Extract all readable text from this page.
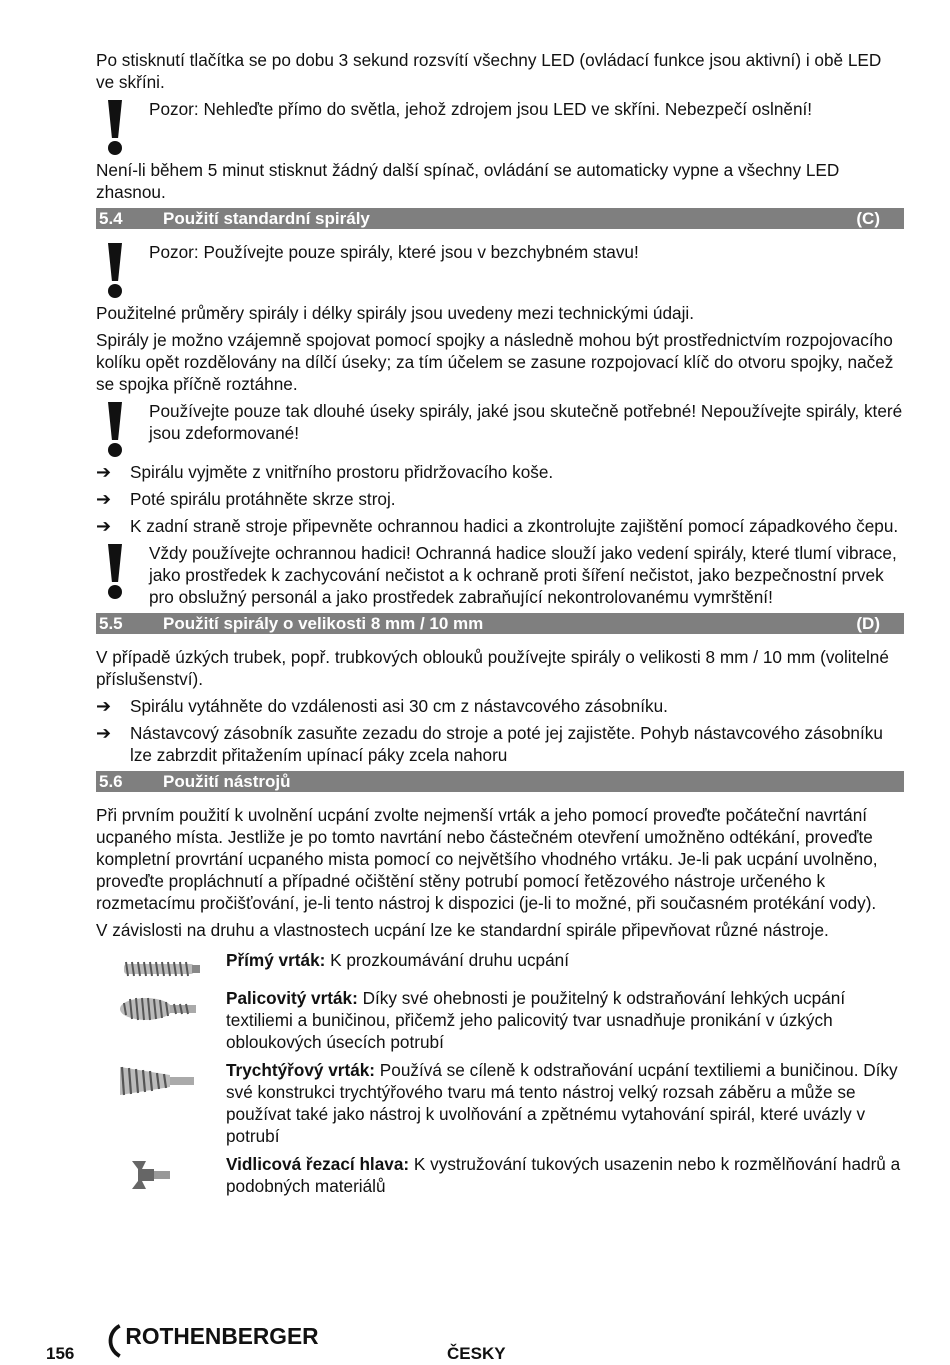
Po stisknutí tlačítka se po dobu 3 sekund rozsvítí všechny LED (ovládací funkce jsou aktivní) i obě LED ve skříni.

Pozor: Nehleďte přímo do světla, jehož zdrojem jsou LED ve skříni. Nebezpečí oslnění!

Není-li během 5 minut stisknut žádný další spínač, ovládání se automaticky vypne a všechny LED zhasnou.

5.4 Použití standardní spirály	(C)

Pozor: Používejte pouze spirály, které jsou v bezchybném stavu!

Použitelné průměry spirály i délky spirály jsou uvedeny mezi technickými údaji.

Spirály je možno vzájemně spojovat pomocí spojky a následně mohou být prostřednictvím rozpojovacího kolíku opět rozdělovány na dílčí úseky; za tím účelem se zasune rozpojovací klíč do otvoru spojky, načež se spojka příčně roztáhne.

Používejte pouze tak dlouhé úseky spirály, jaké jsou skutečně potřebné! Nepoužívejte spirály, které jsou zdeformované!

➔ Spirálu vyjměte z vnitřního prostoru přidržovacího koše.

➔ Poté spirálu protáhněte skrze stroj.

➔ K zadní straně stroje připevněte ochrannou hadici a zkontrolujte zajištění pomocí západkového čepu.

Vždy používejte ochrannou hadici! Ochranná hadice slouží jako vedení spirály, které tlumí vibrace, jako prostředek k zachycování nečistot a k ochraně proti šíření nečistot, jako bezpečnostní prvek pro obslužný personál a jako prostředek zabraňující nekontrolovanému vymrštění!

5.5 Použití spirály o velikosti 8 mm / 10 mm	(D)

V případě úzkých trubek, popř. trubkových oblouků používejte spirály o velikosti 8 mm / 10 mm (volitelné příslušenství).

➔ Spirálu vytáhněte do vzdálenosti asi 30 cm z nástavcového zásobníku.

➔ Nástavcový zásobník zasuňte zezadu do stroje a poté jej zajistěte. Pohyb nástavcového zásobníku lze zabrzdit přitažením upínací páky zcela nahoru

5.6 Použití nástrojů

Při prvním použití k uvolnění ucpání zvolte nejmenší vrták a jeho pomocí proveďte počáteční navrtání ucpaného místa. Jestliže je po tomto navrtání nebo částečném otevření umožněno odtékání, proveďte kompletní provrtání ucpaného mista pomocí co největšího vhodného vrtáku. Je-li pak ucpání uvolněno, proveďte propláchnutí a případné očištění stěny potrubí pomocí řetězového nástroje určeného k rozmetacímu pročišťování, je-li tento nástroj k dispozici (je-li to možné, při současném protékání vody).

V závislosti na druhu a vlastnostech ucpání lze ke standardní spirále připevňovat různé nástroje.

Přímý vrták: K prozkoumávání druhu ucpání

Palicovitý vrták: Díky své ohebnosti je použitelný k odstraňování lehkých ucpání textiliemi a buničinou, přičemž jeho palicovitý tvar usnadňuje pronikání v úzkých obloukových úsecích potrubí

Trychtýřový vrták: Používá se cíleně k odstraňování ucpání textiliemi a buničinou. Díky své konstrukci trychtýřového tvaru má tento nástroj velký rozsah záběru a může se používat také jako nástroj k uvolňování a zpětnému vytahování spirál, které uvázly v potrubí

Vidlicová řezací hlava: K vystružování tukových usazenin nebo k rozmělňování hadrů a podobných materiálů

156
ROTHENBERGER
ČESKY
